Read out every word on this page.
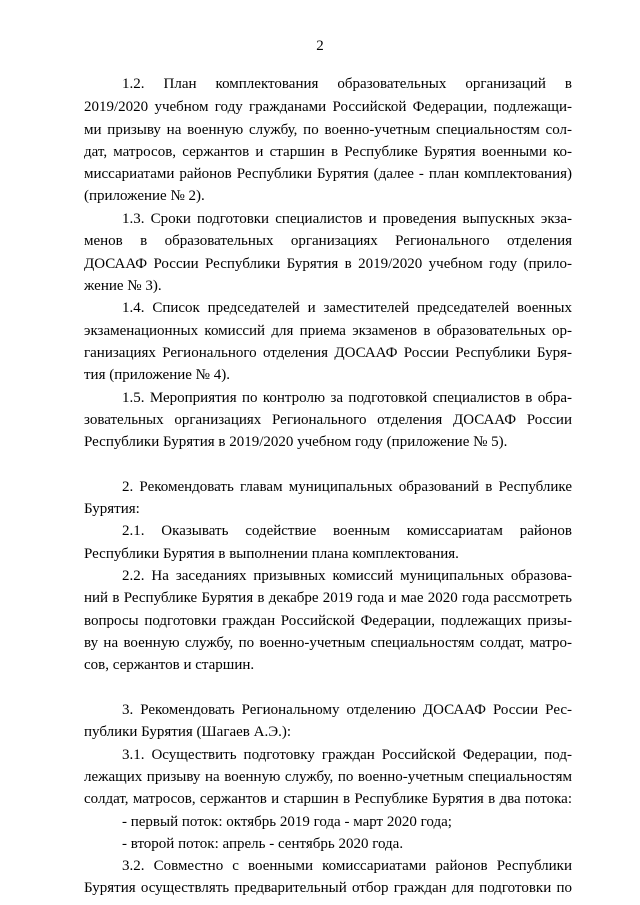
2
1.2. План комплектования образовательных организаций в
2019/2020 учебном году гражданами Российской Федерации, подлежащи-
ми призыву на военную службу, по военно-учетным специальностям сол-
дат, матросов, сержантов и старшин в Республике Бурятия военными ко-
миссариатами районов Республики Бурятия (далее - план комплектования)
(приложение № 2).
1.3. Сроки подготовки специалистов и проведения выпускных экза-
менов в образовательных организациях Регионального отделения
ДОСААФ России Республики Бурятия в 2019/2020 учебном году (прило-
жение № 3).
1.4. Список председателей и заместителей председателей военных
экзаменационных комиссий для приема экзаменов в образовательных ор-
ганизациях Регионального отделения ДОСААФ России Республики Буря-
тия (приложение № 4).
1.5. Мероприятия по контролю за подготовкой специалистов в обра-
зовательных организациях Регионального отделения ДОСААФ России
Республики Бурятия в 2019/2020 учебном году (приложение № 5).
2. Рекомендовать главам муниципальных образований в Республике
Бурятия:
2.1. Оказывать содействие военным комиссариатам районов
Республики Бурятия в выполнении плана комплектования.
2.2. На заседаниях призывных комиссий муниципальных образова-
ний в Республике Бурятия в декабре 2019 года и мае 2020 года рассмотреть
вопросы подготовки граждан Российской Федерации, подлежащих призы-
ву на военную службу, по военно-учетным специальностям солдат, матро-
сов, сержантов и старшин.
3. Рекомендовать Региональному отделению ДОСААФ России Рес-
публики Бурятия (Шагаев А.Э.):
3.1. Осуществить подготовку граждан Российской Федерации, под-
лежащих призыву на военную службу, по военно-учетным специальностям
солдат, матросов, сержантов и старшин в Республике Бурятия в два потока:
- первый поток: октябрь 2019 года - март 2020 года;
- второй поток: апрель - сентябрь 2020 года.
3.2. Совместно с военными комиссариатами районов Республики
Бурятия осуществлять предварительный отбор граждан для подготовки по
